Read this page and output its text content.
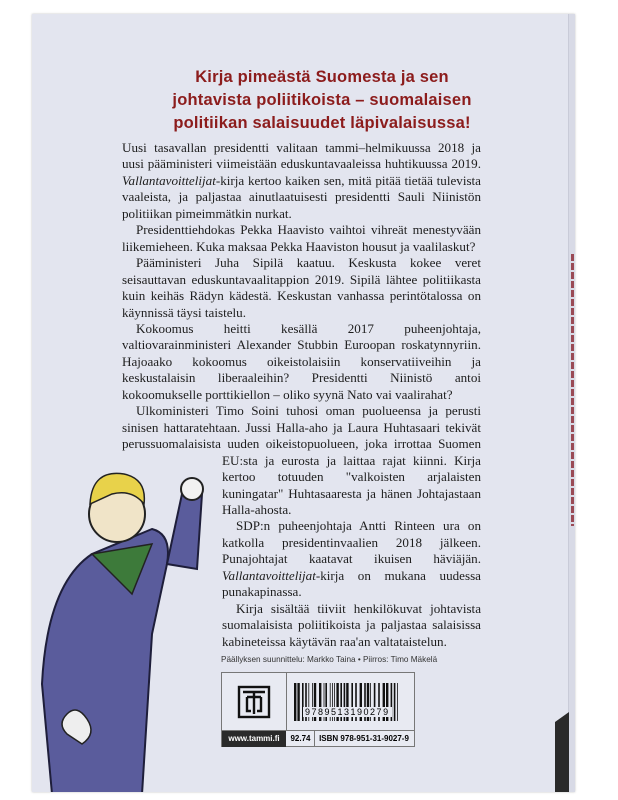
Kirja pimeästä Suomesta ja sen
johtavista poliitikoista – suomalaisen
politiikan salaisuudet läpivalaisussa!

Uusi tasavallan presidentti valitaan tammi–helmikuussa 2018 ja uusi pääministeri viimeistään eduskuntavaaleissa huhtikuussa 2019. Vallantavoittelijat-kirja kertoo kaiken sen, mitä pitää tietää tulevista vaaleista, ja paljastaa ainutlaatuisesti presidentti Sauli Niinistön politiikan pimeimmätkin nurkat.

Presidenttiehdokas Pekka Haavisto vaihtoi vihreät menestyvään liikemieheen. Kuka maksaa Pekka Haaviston housut ja vaalilaskut?

Pääministeri Juha Sipilä kaatuu. Keskusta kokee veret seisauttavan eduskuntavaalitappion 2019. Sipilä lähtee politiikasta kuin keihäs Rädyn kädestä. Keskustan vanhassa perintötalossa on käynnissä täysi taistelu.

Kokoomus heitti kesällä 2017 puheenjohtaja, valtiovarainministeri Alexander Stubbin Euroopan roskatynnyriin. Hajoaako kokoomus oikeistolaisiin konservatiiveihin ja keskustalaisin liberaaleihin? Presidentti Niinistö antoi kokoomukselle porttikiellon – oliko syynä Nato vai vaalirahat?

Ulkoministeri Timo Soini tuhosi oman puolueensa ja perusti sinisen hattaratehtaan. Jussi Halla-aho ja Laura Huhtasaari tekivät perussuomalaisista uuden oikeistopuolueen, joka irrottaa Suomen EU:sta ja eurosta ja laittaa rajat kiinni. Kirja kertoo totuuden "valkoisten arjalaisten kuningatar" Huhtasaaresta ja hänen Johtajastaan Halla-ahosta.

SDP:n puheenjohtaja Antti Rinteen ura on katkolla presidentinvaalien 2018 jälkeen. Punajohtajat kaatavat ikuisen häviäjän. Vallantavoittelijat-kirja on mukana uudessa punakapinassa.

Kirja sisältää tiiviit henkilökuvat johtavista suomalaisista poliitikoista ja paljastaa salaisissa kabineteissa käytävän raa'an valtataistelun.

Päällyksen suunnittelu: Markko Taina • Piirros: Timo Mäkelä
9789513190279
www.tammi.fi	92.74	ISBN 978-951-31-9027-9
